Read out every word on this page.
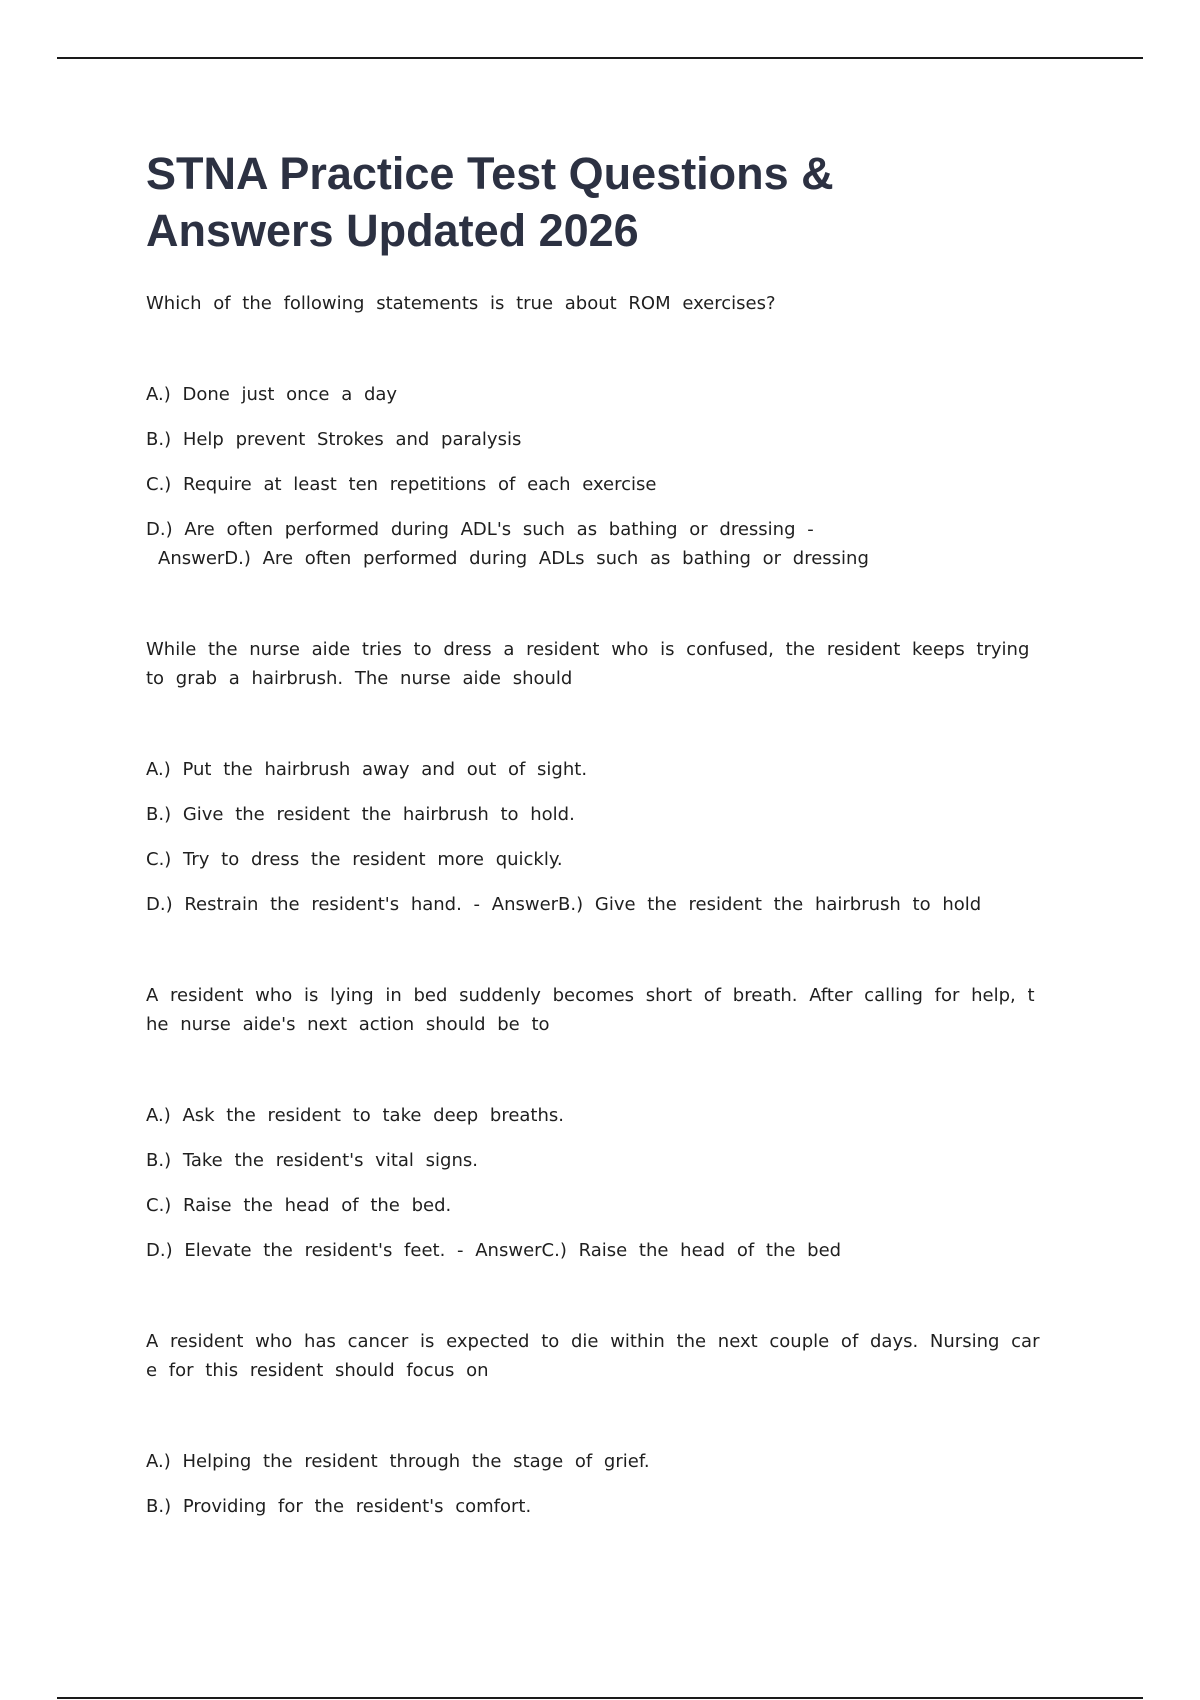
STNA Practice Test Questions &
Answers Updated 2026

Which of the following statements is true about ROM exercises?

A.) Done just once a day

B.) Help prevent Strokes and paralysis

C.) Require at least ten repetitions of each exercise

D.) Are often performed during ADL's such as bathing or dressing -
AnswerD.) Are often performed during ADLs such as bathing or dressing

While the nurse aide tries to dress a resident who is confused, the resident keeps trying
to grab a hairbrush. The nurse aide should

A.) Put the hairbrush away and out of sight.

B.) Give the resident the hairbrush to hold.

C.) Try to dress the resident more quickly.

D.) Restrain the resident's hand. - AnswerB.) Give the resident the hairbrush to hold

A resident who is lying in bed suddenly becomes short of breath. After calling for help, t
he nurse aide's next action should be to

A.) Ask the resident to take deep breaths.

B.) Take the resident's vital signs.

C.) Raise the head of the bed.

D.) Elevate the resident's feet. - AnswerC.) Raise the head of the bed

A resident who has cancer is expected to die within the next couple of days. Nursing car
e for this resident should focus on

A.) Helping the resident through the stage of grief.

B.) Providing for the resident's comfort.
